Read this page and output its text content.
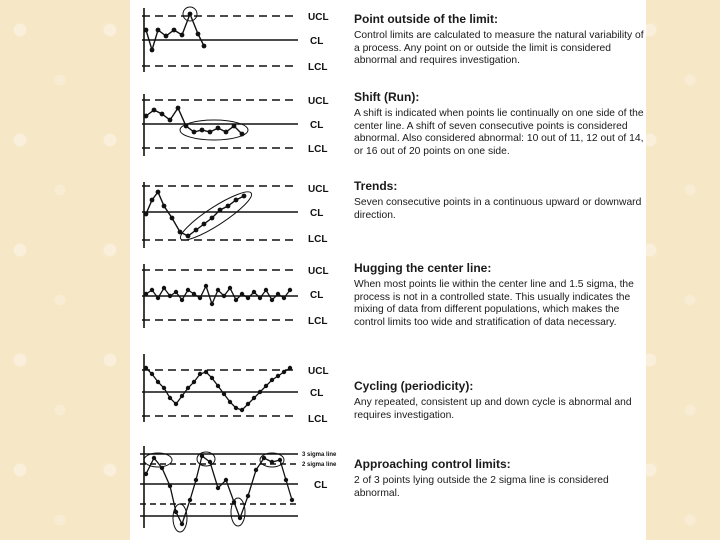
UCL
CL
LCL

Point outside of the limit:

Control limits are calculated to measure the natural variability of a process. Any point on or outside the limit is considered abnormal and requires investigation.

UCL
CL
LCL

Shift (Run):

A shift is indicated when points lie continually on one side of the center line. A shift of seven consecutive points is considered abnormal. Also considered abnormal: 10 out of 11, 12 out of 14, or 16 out of 20 points on one side.

UCL
CL
LCL

Trends:

Seven consecutive points in a continuous upward or downward direction.

UCL
CL
LCL

Hugging the center line:

When most points lie within the center line and 1.5 sigma, the process is not in a controlled state. This usually indicates the mixing of data from different populations, which makes the control limits too wide and stratification of data necessary.

UCL
CL
LCL

Cycling (periodicity):

Any repeated, consistent up and down cycle is abnormal and requires investigation.

3 sigma line
2 sigma line
CL

Approaching control limits:

2 of 3 points lying outside the 2 sigma line is considered abnormal.
